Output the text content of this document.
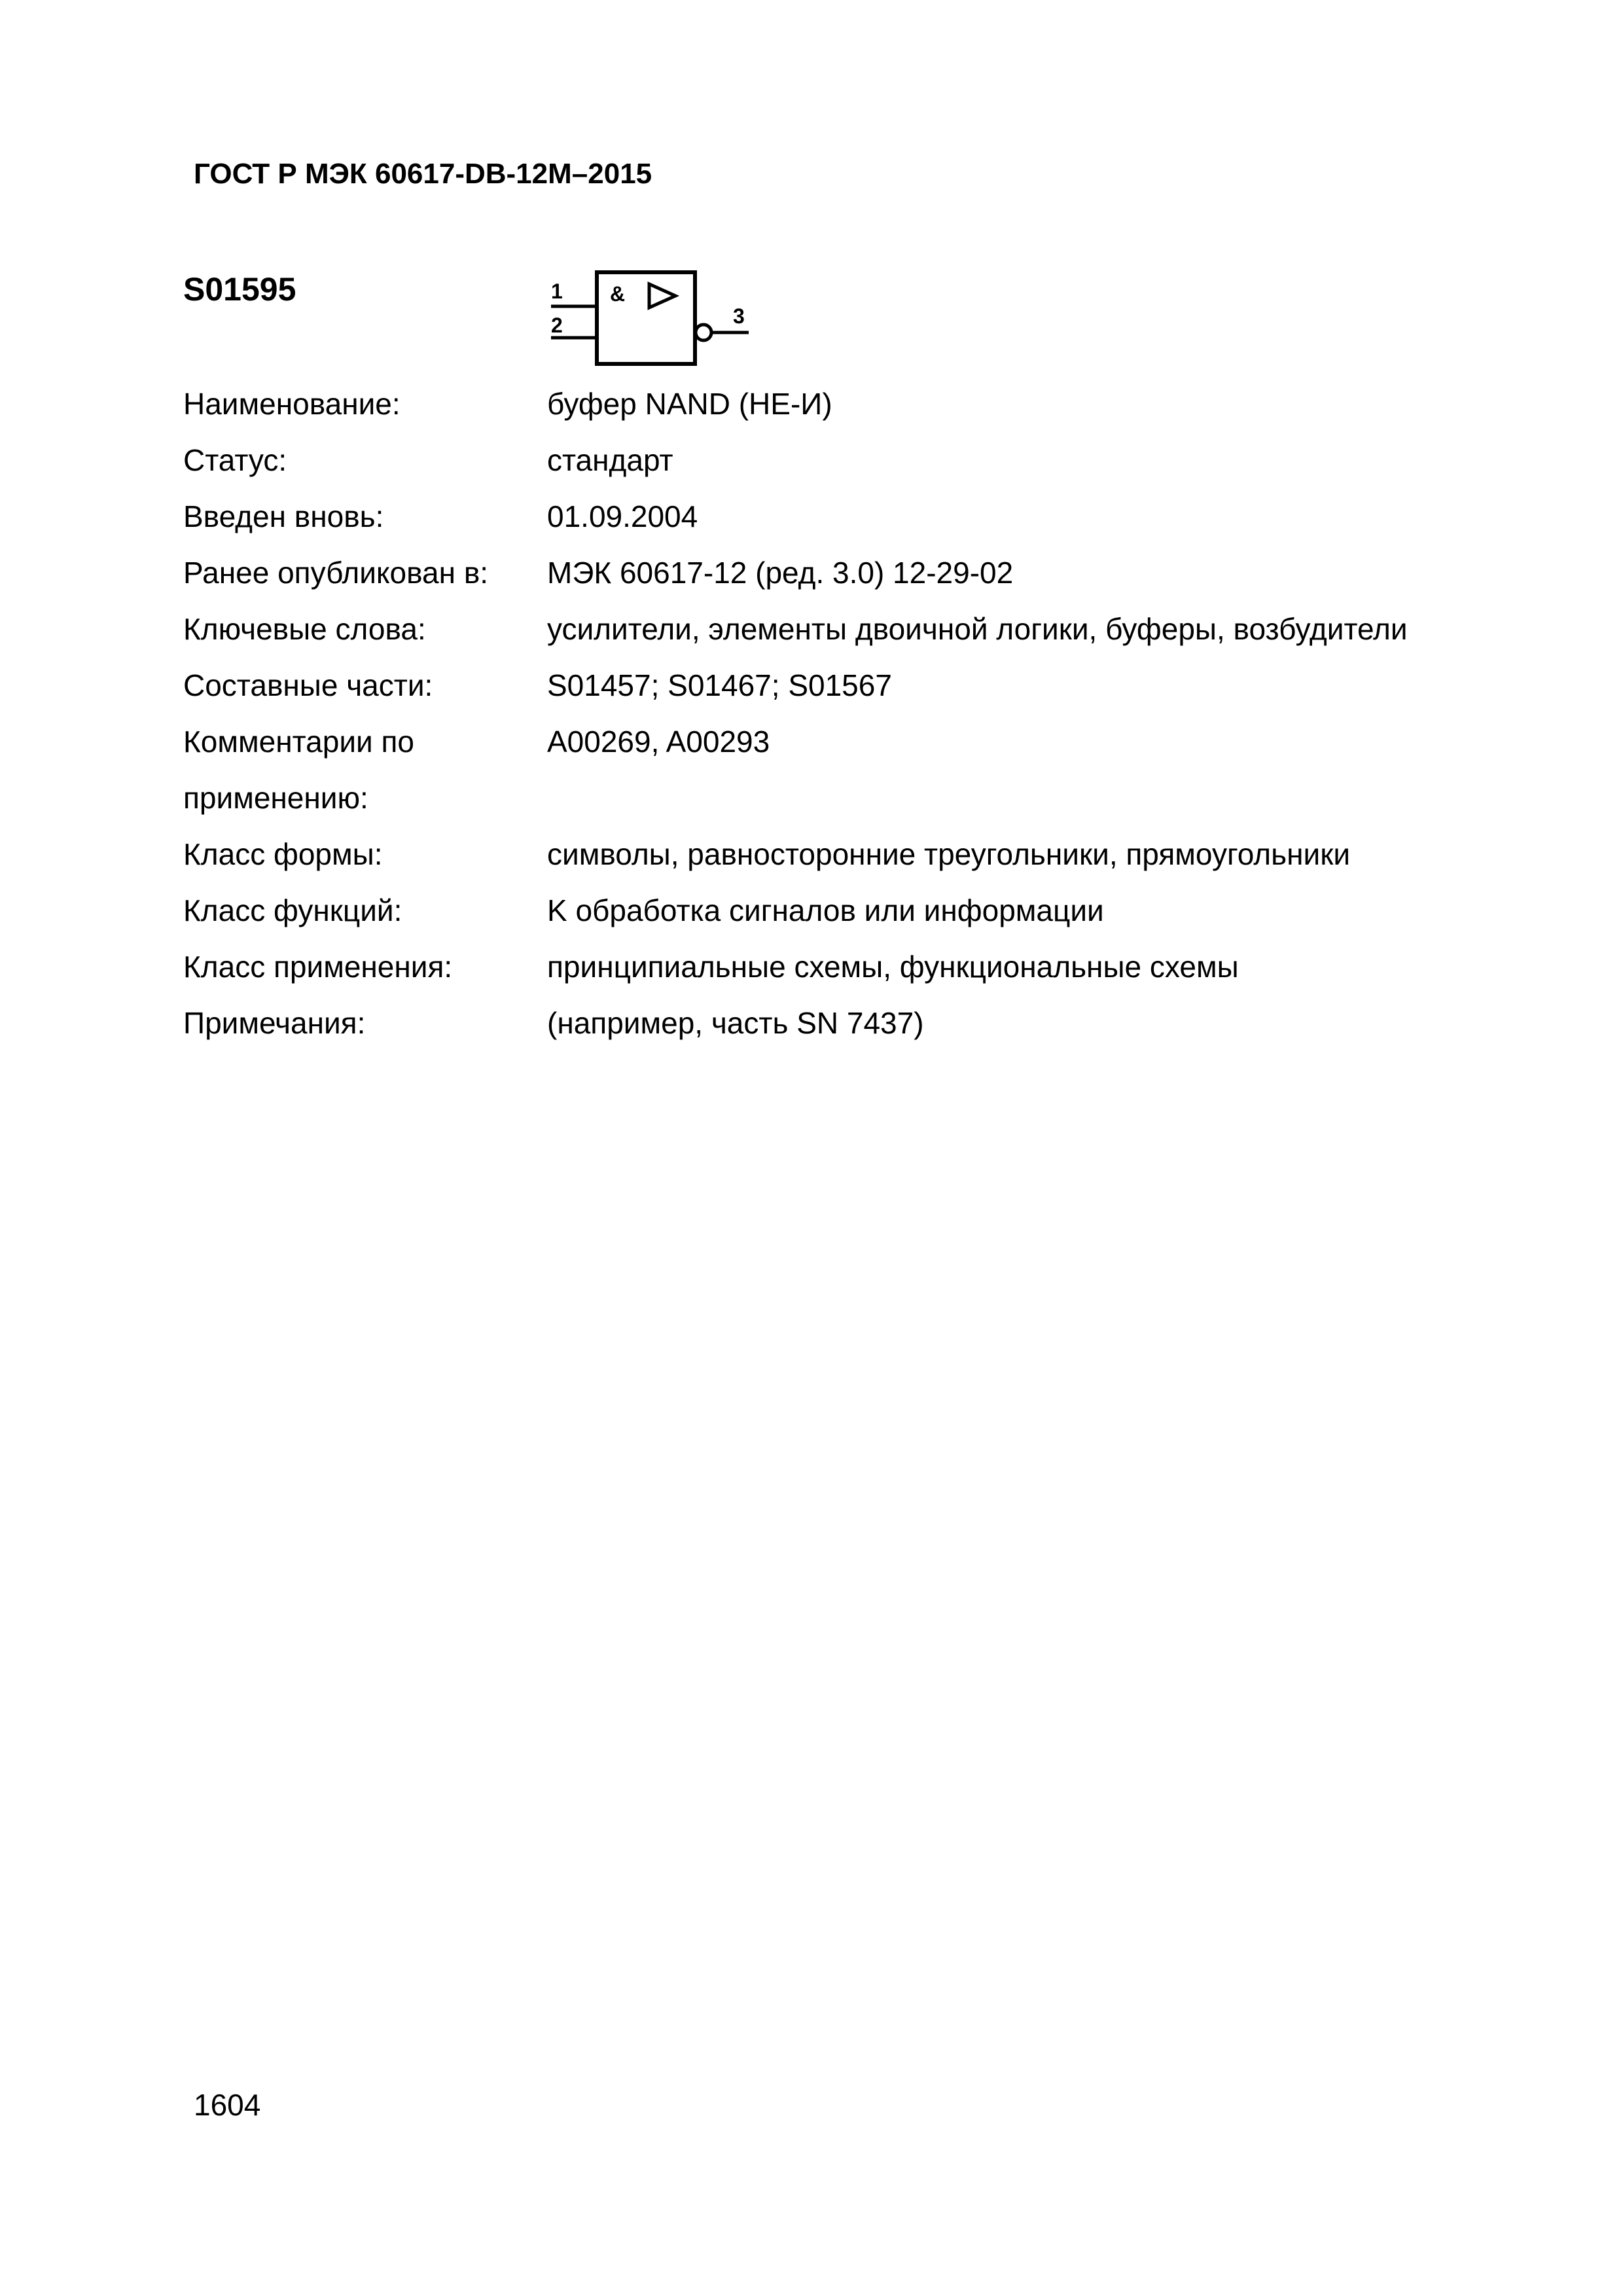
ГОСТ Р МЭК 60617-DB-12M–2015
S01595	1
2
&
3
Наименование:	буфер NAND (НЕ-И)
Статус:	стандарт
Введен вновь:	01.09.2004
Ранее опубликован в:	МЭК 60617-12 (ред. 3.0) 12-29-02
Ключевые слова:	усилители, элементы двоичной логики, буферы, возбудители
Составные части:	S01457; S01467; S01567
Комментарии по
применению:
A00269, A00293
Класс формы:	символы, равносторонние треугольники, прямоугольники
Класс функций:	K обработка сигналов или информации
Класс применения:	принципиальные схемы, функциональные схемы
Примечания:	(например, часть SN 7437)
1604
